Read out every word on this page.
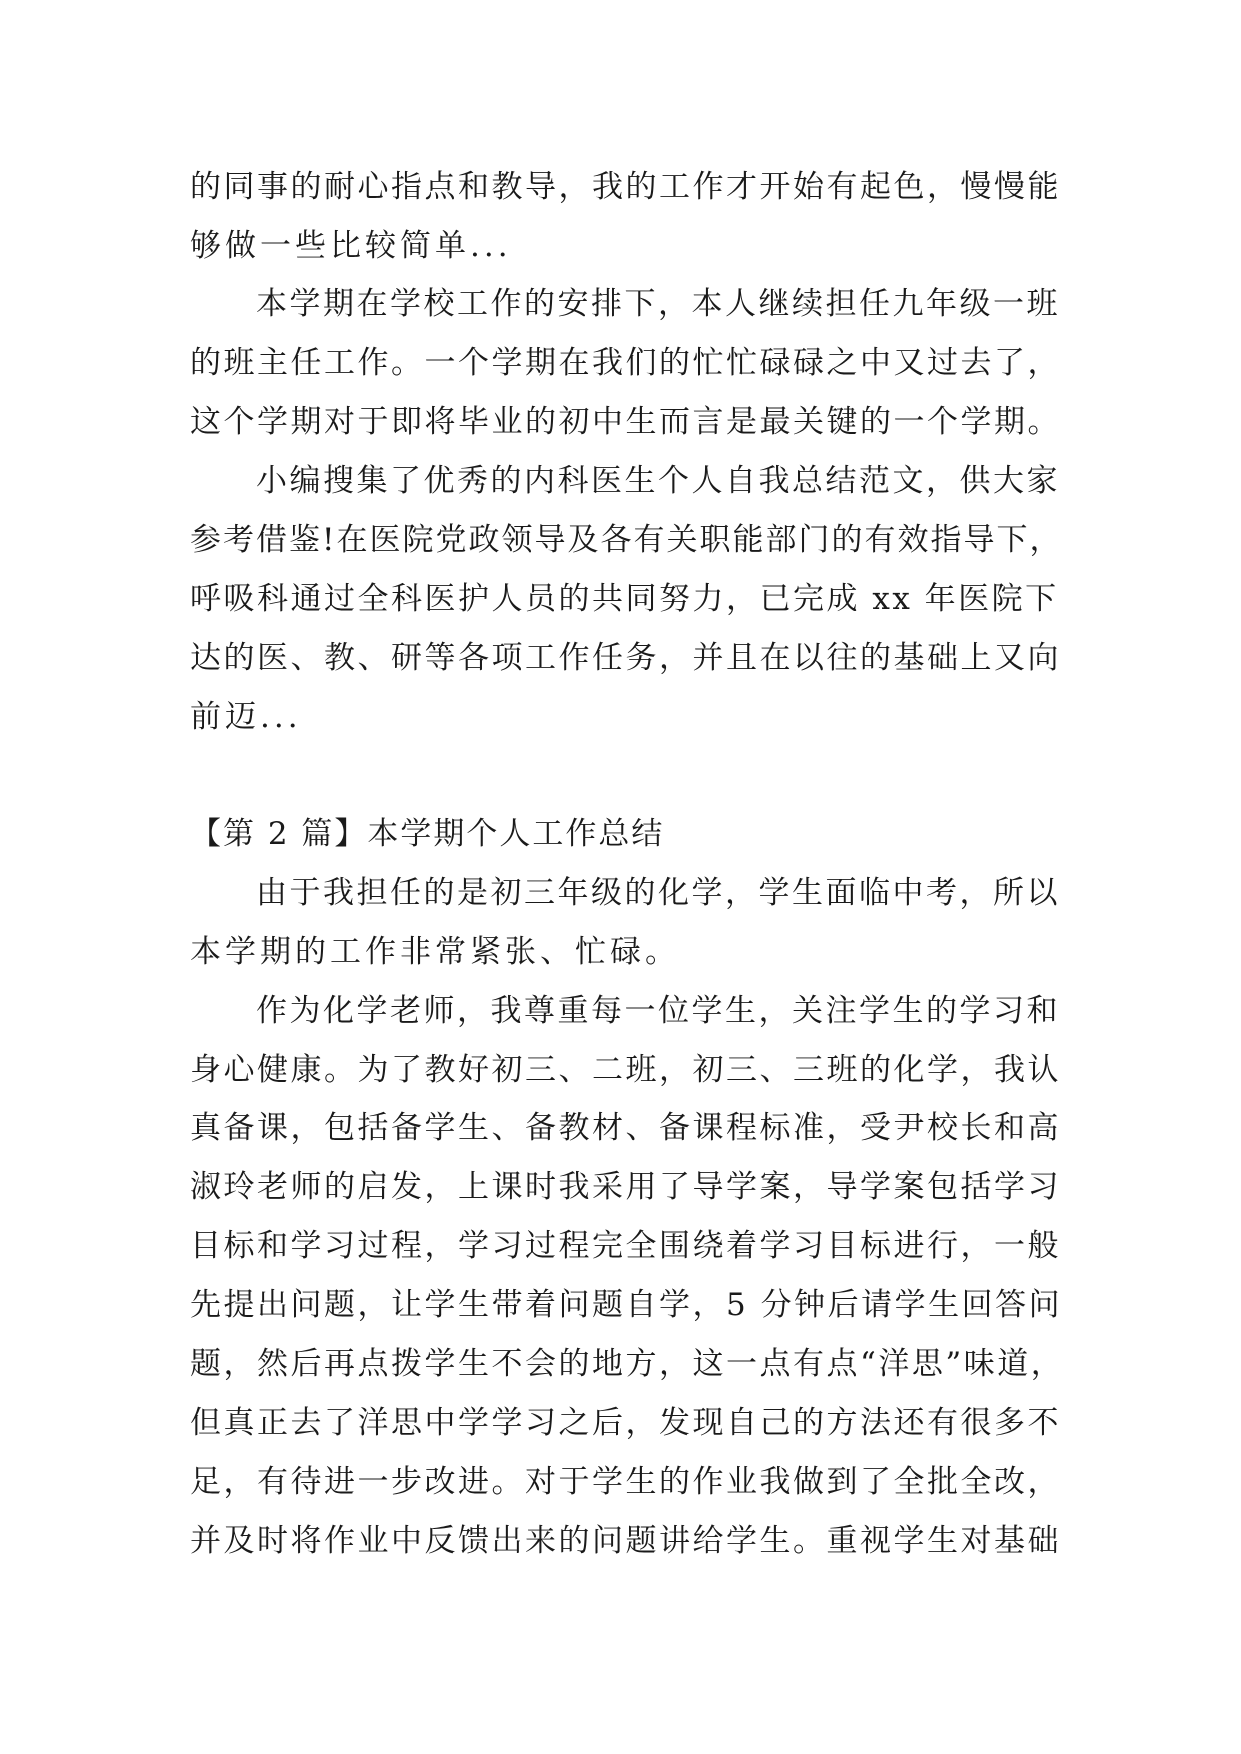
的同事的耐心指点和教导，我的工作才开始有起色，慢慢能
够做一些比较简单...
本学期在学校工作的安排下，本人继续担任九年级一班
的班主任工作。一个学期在我们的忙忙碌碌之中又过去了，
这个学期对于即将毕业的初中生而言是最关键的一个学期。
小编搜集了优秀的内科医生个人自我总结范文，供大家
参考借鉴!在医院党政领导及各有关职能部门的有效指导下，
呼吸科通过全科医护人员的共同努力，已完成 xx 年医院下
达的医、教、研等各项工作任务，并且在以往的基础上又向
前迈...
【第 2 篇】本学期个人工作总结
由于我担任的是初三年级的化学，学生面临中考，所以
本学期的工作非常紧张、忙碌。
作为化学老师，我尊重每一位学生，关注学生的学习和
身心健康。为了教好初三、二班，初三、三班的化学，我认
真备课，包括备学生、备教材、备课程标准，受尹校长和高
淑玲老师的启发，上课时我采用了导学案，导学案包括学习
目标和学习过程，学习过程完全围绕着学习目标进行，一般
先提出问题，让学生带着问题自学，5 分钟后请学生回答问
题，然后再点拨学生不会的地方，这一点有点“洋思”味道，
但真正去了洋思中学学习之后，发现自己的方法还有很多不
足，有待进一步改进。对于学生的作业我做到了全批全改，
并及时将作业中反馈出来的问题讲给学生。重视学生对基础
